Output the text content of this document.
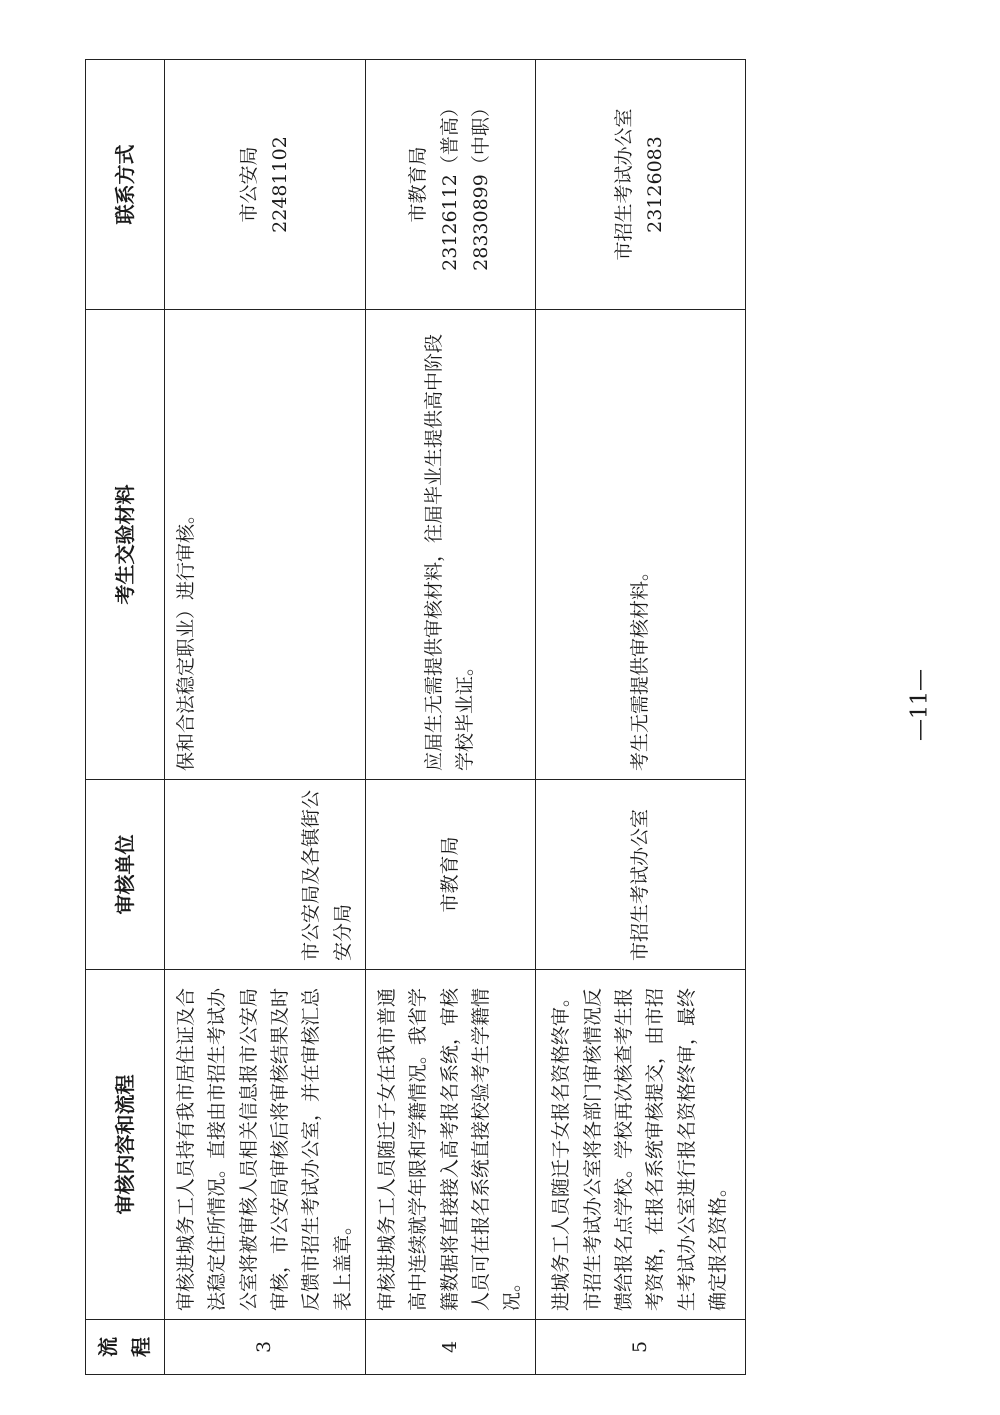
流程	审核内容和流程	审核单位	考生交验材料	联系方式
3	审核进城务工人员持有我市居住证及合法稳定住所情况。直接由市招生考试办公室将被审核人员相关信息报市公安局审核，市公安局审核后将审核结果及时反馈市招生考试办公室，并在审核汇总表上盖章。	市公安局及各镇街公安分局	保和合法稳定职业）进行审核。	市公安局 22481102

4	审核进城务工人员随迁子女在我市普通高中连续就学年限和学籍情况。我省学籍数据将直接接入高考报名系统，审核人员可在报名系统直接校验考生学籍情况。	市教育局	应届生无需提供审核材料，往届毕业生提供高中阶段学校毕业证。	市教育局 23126112（普高） 28330899（中职）

5	进城务工人员随迁子女报名资格终审。市招生考试办公室将各部门审核情况反馈给报名点学校。学校再次核查考生报考资格，在报名系统审核提交，由市招生考试办公室进行报名资格终审，最终确定报名资格。	市招生考试办公室	考生无需提供审核材料。	市招生考试办公室 23126083
—11—
